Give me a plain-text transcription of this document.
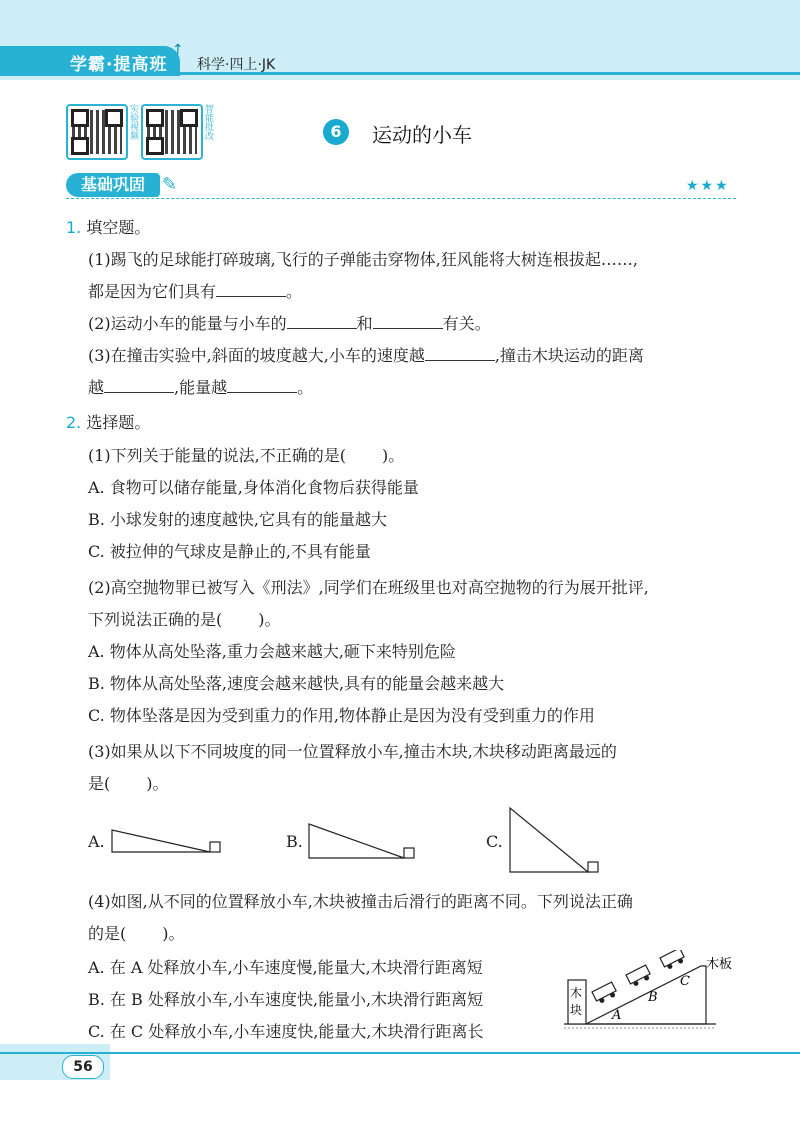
学霸·提高班
↑
科学·四上·JK
实验视频	智能批改	6	运动的小车
基础巩固 ✎	★★★
1. 填空题。
(1)踢飞的足球能打碎玻璃,飞行的子弹能击穿物体,狂风能将大树连根拔起……,
都是因为它们具有	。
(2)运动小车的能量与小车的	和	有关。
(3)在撞击实验中,斜面的坡度越大,小车的速度越	,撞击木块运动的距离
越	,能量越	。
2. 选择题。
(1)下列关于能量的说法,不正确的是( )。
A. 食物可以储存能量,身体消化食物后获得能量
B. 小球发射的速度越快,它具有的能量越大
C. 被拉伸的气球皮是静止的,不具有能量
(2)高空抛物罪已被写入《刑法》,同学们在班级里也对高空抛物的行为展开批评,
下列说法正确的是( )。
A. 物体从高处坠落,重力会越来越大,砸下来特别危险
B. 物体从高处坠落,速度会越来越快,具有的能量会越来越大
C. 物体坠落是因为受到重力的作用,物体静止是因为没有受到重力的作用
(3)如果从以下不同坡度的同一位置释放小车,撞击木块,木块移动距离最远的
是( )。
A.	B.	C.
(4)如图,从不同的位置释放小车,木块被撞击后滑行的距离不同。下列说法正确
的是( )。
A. 在 A 处释放小车,小车速度慢,能量大,木块滑行距离短
B. 在 B 处释放小车,小车速度快,能量小,木块滑行距离短
C. 在 C 处释放小车,小车速度快,能量大,木块滑行距离长
木
块 A
B
C
木板
56
